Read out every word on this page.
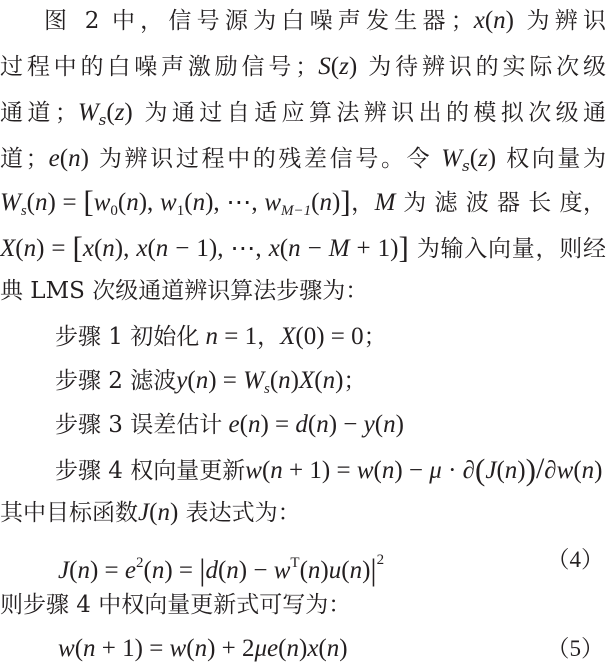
图 2 中，信号源为白噪声发生器；x(n) 为辨识
过程中的白噪声激励信号；S(z) 为待辨识的实际次级
通道；$W_s(z)$ 为通过自适应算法辨识出的模拟次级通
道；e(n) 为辨识过程中的残差信号。令 $W_s(z)$ 权向量为
$W_s(n) = [w_0(n)$, $w_1(n)$, ⋯, $w_{M-1}(n)$]，M 为 滤 波 器 长 度，
X(n) = [x(n), x(n − 1), ⋯, x(n − M + 1)] 为输入向量，则经
典 LMS 次级通道辨识算法步骤为：
步骤 1 初始化 n = 1，X(0) = 0；
步骤 2 滤波$y(n) = W_s(n)X(n)$；
步骤 3 误差估计 e(n) = d(n) − y(n)
步骤 4 权向量更新w(n + 1) = w(n) − μ · ∂(J(n))/∂w(n)
其中目标函数J(n) 表达式为：
$J(n) = e^2(n) = |d(n) - w^T(n)u(n)|^2$	（4）
则步骤 4 中权向量更新式可写为：
w(n + 1) = w(n) + 2μe(n)x(n)	（5）
